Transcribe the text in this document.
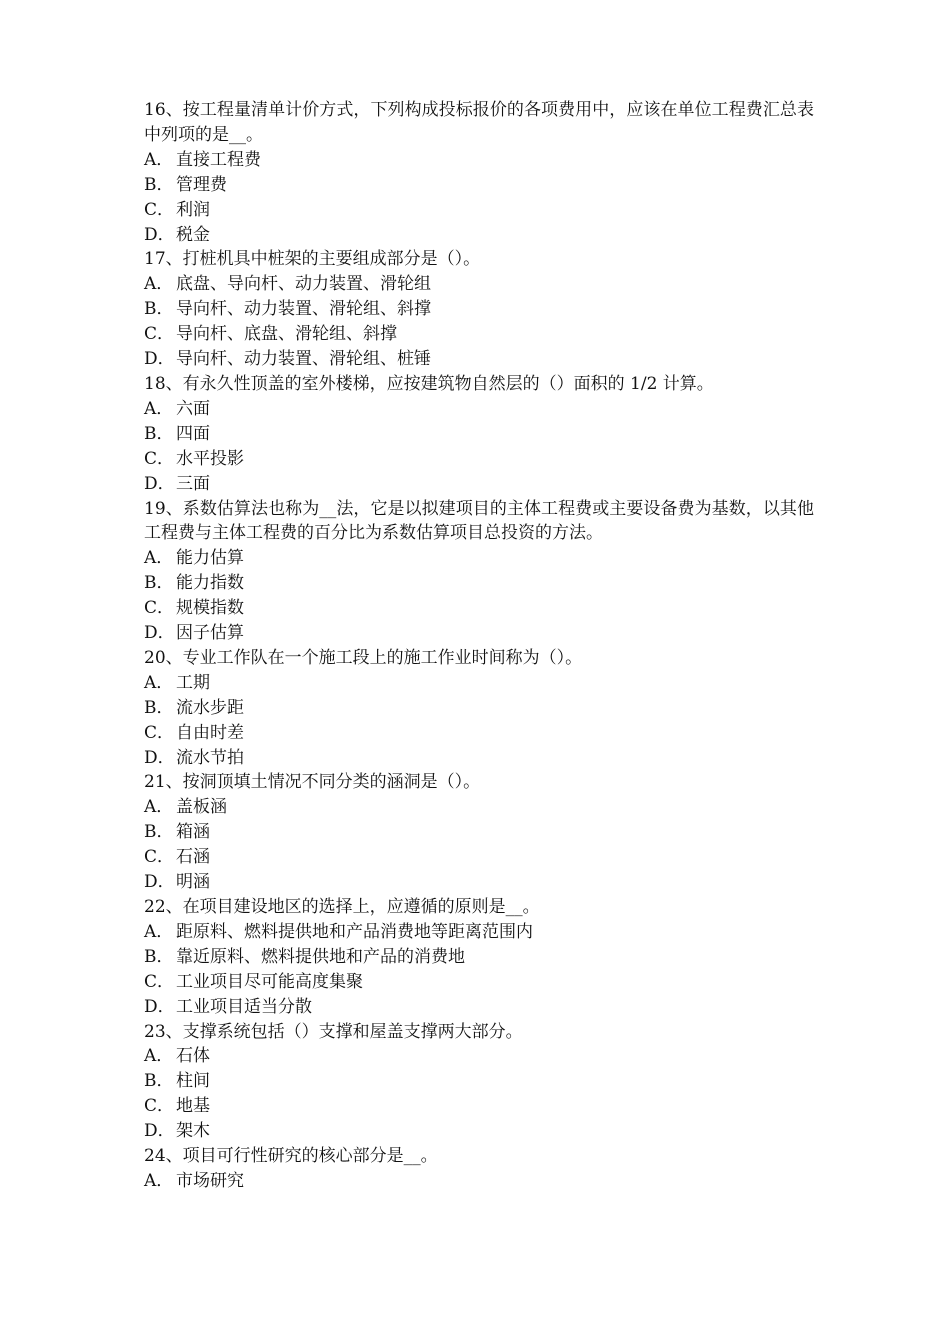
16、按工程量清单计价方式，下列构成投标报价的各项费用中，应该在单位工程费汇总表中列项的是__。
A． 直接工程费
B． 管理费
C． 利润
D．税金
17、打桩机具中桩架的主要组成部分是（）。
A． 底盘、导向杆、动力装置、滑轮组
B． 导向杆、动力装置、滑轮组、斜撑
C． 导向杆、底盘、滑轮组、斜撑
D．导向杆、动力装置、滑轮组、桩锤
18、有永久性顶盖的室外楼梯，应按建筑物自然层的（）面积的 1/2 计算。
A． 六面
B． 四面
C． 水平投影
D．三面
19、系数估算法也称为__法，它是以拟建项目的主体工程费或主要设备费为基数，以其他工程费与主体工程费的百分比为系数估算项目总投资的方法。
A． 能力估算
B． 能力指数
C． 规模指数
D．因子估算
20、专业工作队在一个施工段上的施工作业时间称为（）。
A． 工期
B． 流水步距
C． 自由时差
D．流水节拍
21、按洞顶填土情况不同分类的涵洞是（）。
A． 盖板涵
B． 箱涵
C． 石涵
D．明涵
22、在项目建设地区的选择上，应遵循的原则是__。
A． 距原料、燃料提供地和产品消费地等距离范围内
B． 靠近原料、燃料提供地和产品的消费地
C． 工业项目尽可能高度集聚
D．工业项目适当分散
23、支撑系统包括（）支撑和屋盖支撑两大部分。
A． 石体
B． 柱间
C． 地基
D．架木
24、项目可行性研究的核心部分是__。
A． 市场研究
